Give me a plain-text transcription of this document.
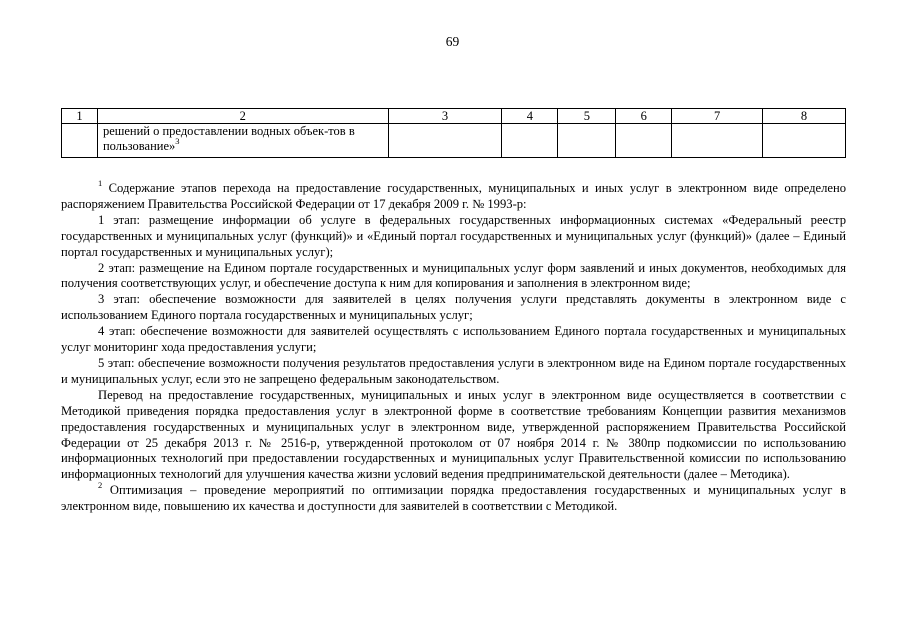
69
1	2	3	4	5	6	7	8

	решений о предоставлении водных объек-тов в пользование»$^3$

$^1$ Содержание этапов перехода на предоставление государственных, муниципальных и иных услуг в электронном виде определено распоряжением Правительства Российской Федерации от 17 декабря 2009 г. № 1993-р:

1 этап: размещение информации об услуге в федеральных государственных информационных системах «Федеральный реестр государственных и муниципальных услуг (функций)» и «Единый портал государственных и муниципальных услуг (функций)» (далее – Единый портал государственных и муниципальных услуг);

2 этап: размещение на Едином портале государственных и муниципальных услуг форм заявлений и иных документов, необходимых для получения соответствующих услуг, и обеспечение доступа к ним для копирования и заполнения в электронном виде;

3 этап: обеспечение возможности для заявителей в целях получения услуги представлять документы в электронном виде с использованием Единого портала государственных и муниципальных услуг;

4 этап: обеспечение возможности для заявителей осуществлять с использованием Единого портала государственных и муниципальных услуг мониторинг хода предоставления услуги;

5 этап: обеспечение возможности получения результатов предоставления услуги в электронном виде на Едином портале государственных и муниципальных услуг, если это не запрещено федеральным законодательством.

Перевод на предоставление государственных, муниципальных и иных услуг в электронном виде осуществляется в соответствии с Методикой приведения порядка предоставления услуг в электронной форме в соответствие требованиям Концепции развития механизмов предоставления государственных и муниципальных услуг в электронном виде, утвержденной распоряжением Правительства Российской Федерации от 25 декабря 2013 г. № 2516-р, утвержденной протоколом от 07 ноября 2014 г. № 380пр подкомиссии по использованию информационных технологий при предоставлении государственных и муниципальных услуг Правительственной комиссии по использованию информационных технологий для улучшения качества жизни условий ведения предпринимательской деятельности (далее – Методика).

$^2$ Оптимизация – проведение мероприятий по оптимизации порядка предоставления государственных и муниципальных услуг в электронном виде, повышению их качества и доступности для заявителей в соответствии с Методикой.
